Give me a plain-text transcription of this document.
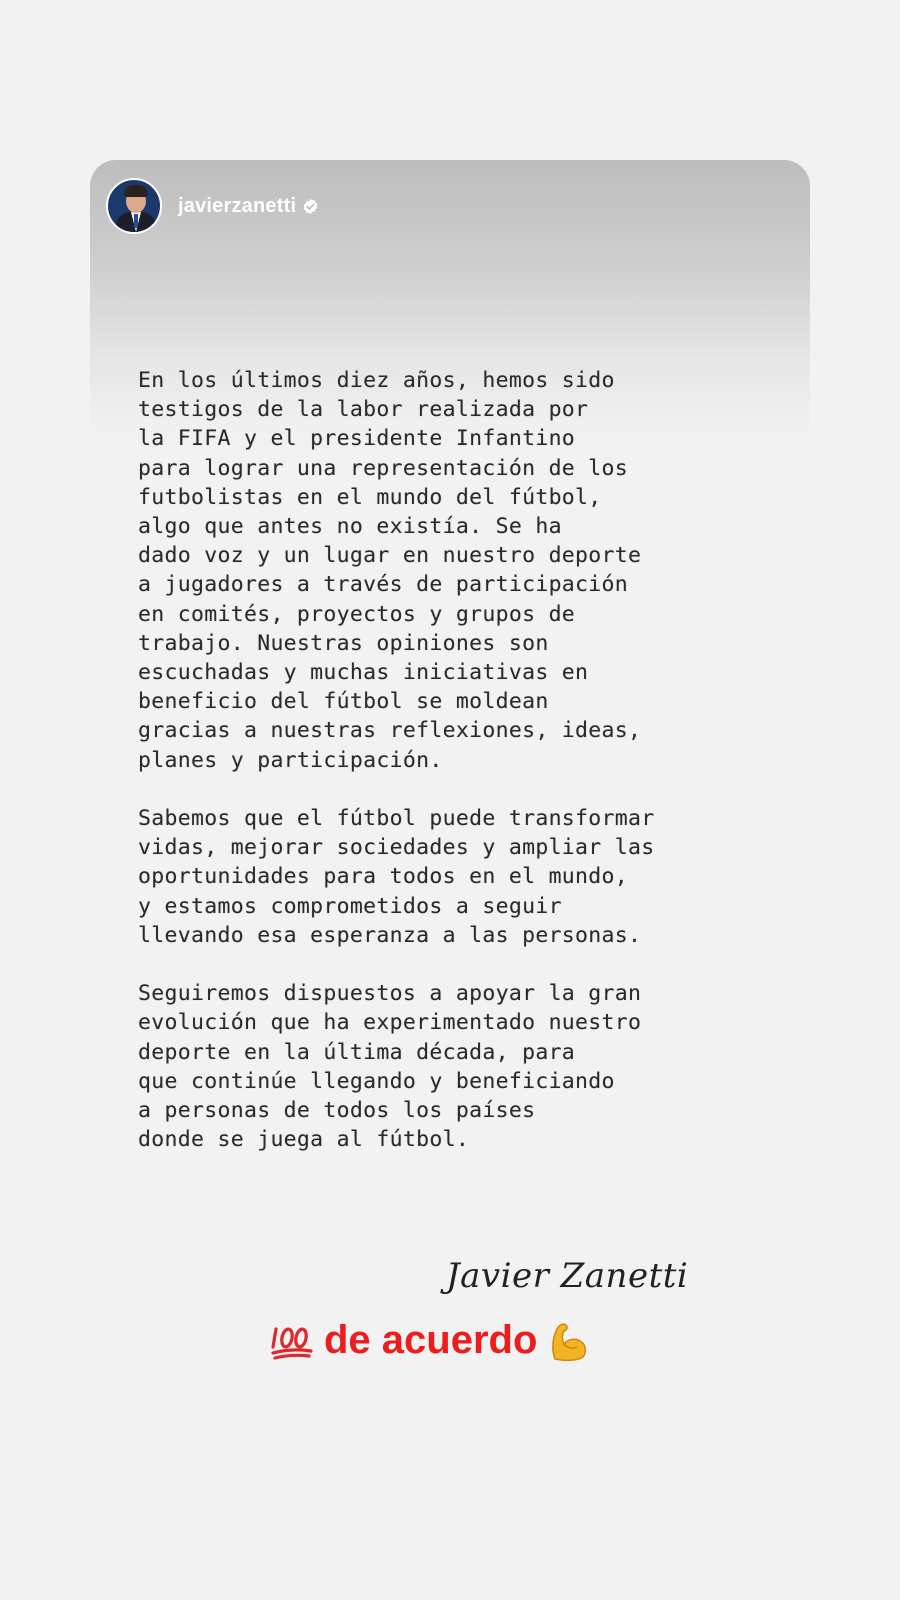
javierzanetti

En los últimos diez años, hemos sido
testigos de la labor realizada por
la FIFA y el presidente Infantino
para lograr una representación de los
futbolistas en el mundo del fútbol,
algo que antes no existía. Se ha
dado voz y un lugar en nuestro deporte
a jugadores a través de participación
en comités, proyectos y grupos de
trabajo. Nuestras opiniones son
escuchadas y muchas iniciativas en
beneficio del fútbol se moldean
gracias a nuestras reflexiones, ideas,
planes y participación.

Sabemos que el fútbol puede transformar
vidas, mejorar sociedades y ampliar las
oportunidades para todos en el mundo,
y estamos comprometidos a seguir
llevando esa esperanza a las personas.

Seguiremos dispuestos a apoyar la gran
evolución que ha experimentado nuestro
deporte en la última década, para
que continúe llegando y beneficiando
a personas de todos los países
donde se juega al fútbol.

Javier Zanetti
de acuerdo
